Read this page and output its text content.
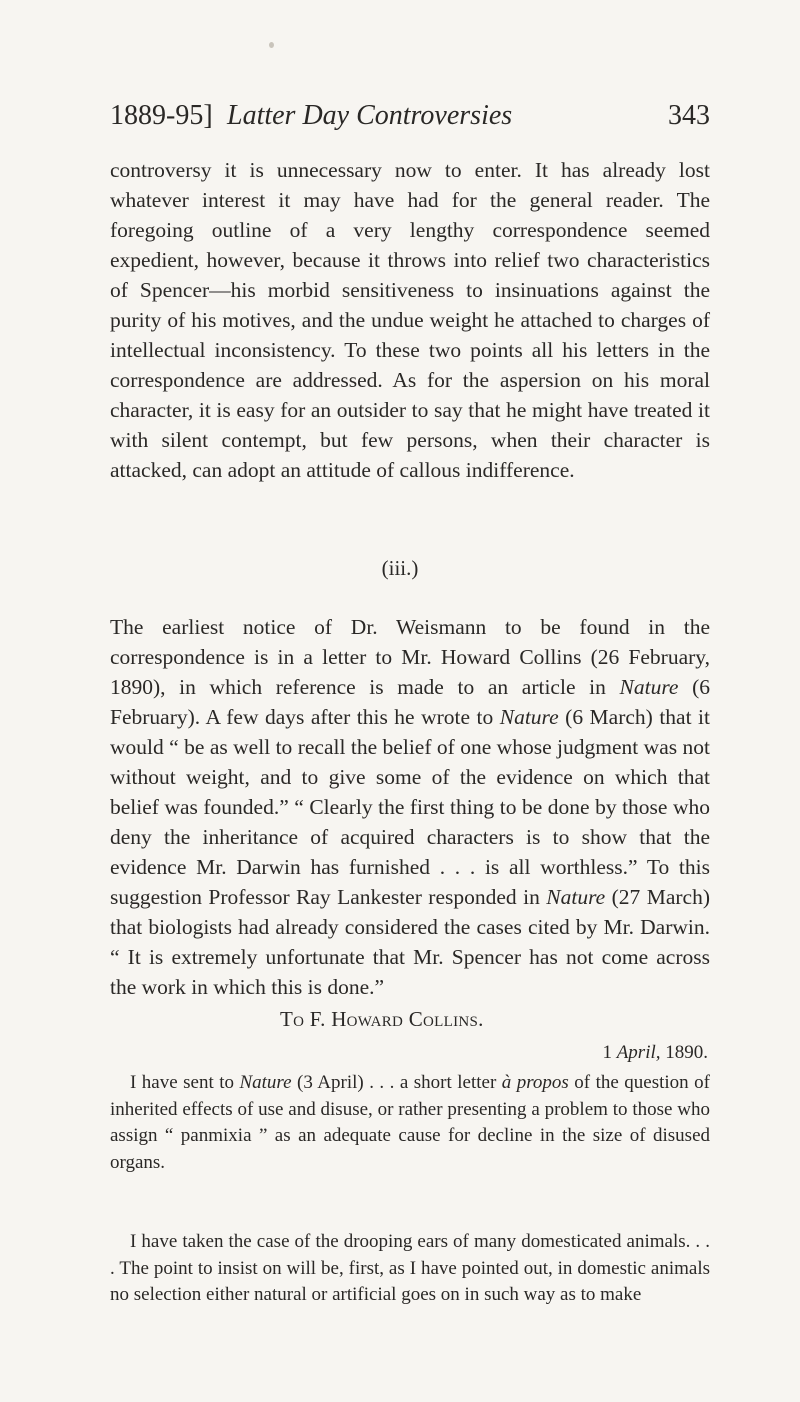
1889-95] Latter Day Controversies	343

controversy it is unnecessary now to enter. It has already lost whatever interest it may have had for the general reader. The foregoing outline of a very lengthy correspondence seemed expedient, however, because it throws into relief two characteristics of Spencer—his morbid sensitiveness to insinuations against the purity of his motives, and the undue weight he attached to charges of intellectual inconsistency. To these two points all his letters in the correspondence are addressed. As for the aspersion on his moral character, it is easy for an outsider to say that he might have treated it with silent contempt, but few persons, when their character is attacked, can adopt an attitude of callous indifference.

(iii.)

The earliest notice of Dr. Weismann to be found in the correspondence is in a letter to Mr. Howard Collins (26 February, 1890), in which reference is made to an article in Nature (6 February). A few days after this he wrote to Nature (6 March) that it would “ be as well to recall the belief of one whose judgment was not without weight, and to give some of the evidence on which that belief was founded.” “ Clearly the first thing to be done by those who deny the inheritance of acquired characters is to show that the evidence Mr. Darwin has furnished . . . is all worthless.” To this suggestion Professor Ray Lankester responded in Nature (27 March) that biologists had already considered the cases cited by Mr. Darwin. “ It is extremely unfortunate that Mr. Spencer has not come across the work in which this is done.”

To F. Howard Collins.
1 April, 1890.

I have sent to Nature (3 April) . . . a short letter à propos of the question of inherited effects of use and disuse, or rather presenting a problem to those who assign “ panmixia ” as an adequate cause for decline in the size of disused organs.

I have taken the case of the drooping ears of many domesticated animals. . . . The point to insist on will be, first, as I have pointed out, in domestic animals no selection either natural or artificial goes on in such way as to make
